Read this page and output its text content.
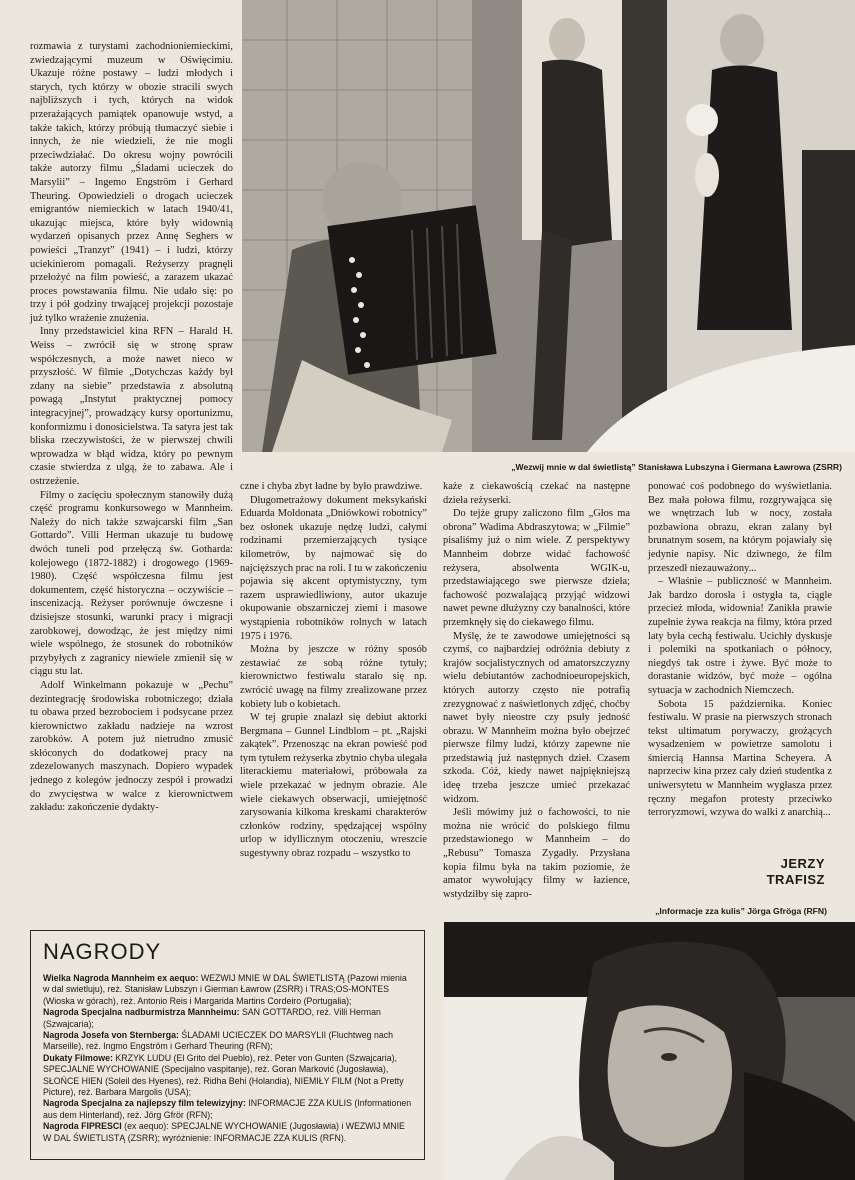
rozmawia z turystami zachodnioniemieckimi, zwiedzającymi muzeum w Oświęcimiu. Ukazuje różne postawy – ludzi młodych i starych, tych którzy w obozie stracili swych najbliższych i tych, których na widok przerażających pamiątek opanowuje wstyd, a także takich, którzy próbują tłumaczyć siebie i innych, że nie wiedzieli, że nie mogli przeciwdziałać. Do okresu wojny powrócili także autorzy filmu „Śladami ucieczek do Marsylii” – Ingemo Engström i Gerhard Theuring. Opowiedzieli o drogach ucieczek emigrantów niemieckich w latach 1940/41, ukazując miejsca, które były widownią wydarzeń opisanych przez Annę Seghers w powieści „Tranzyt” (1941) – i ludzi, którzy uciekinierom pomagali. Reżyserzy pragnęli przełożyć na film powieść, a zarazem ukazać proces powstawania filmu. Nie udało się: po trzy i pół godziny trwającej projekcji pozostaje już tylko wrażenie znużenia.

Inny przedstawiciel kina RFN – Harald H. Weiss – zwrócił się w stronę spraw współczesnych, a może nawet nieco w przyszłość. W filmie „Dotychczas każdy był zdany na siebie” przedstawia z absolutną powagą „Instytut praktycznej pomocy integracyjnej”, prowadzący kursy oportunizmu, konformizmu i donosicielstwa. Ta satyra jest tak bliska rzeczywistości, że w pierwszej chwili wprowadza w błąd widza, który po pewnym czasie stwierdza z ulgą, że to zabawa. Ale i ostrzeżenie.

Filmy o zacięciu społecznym stanowiły dużą część programu konkursowego w Mannheim. Należy do nich także szwajcarski film „San Gottardo”. Villi Herman ukazuje tu budowę dwóch tuneli pod przełęczą św. Gotharda: kolejowego (1872-1882) i drogowego (1969-1980). Część współczesna filmu jest dokumentem, część historyczna – oczywiście – inscenizacją. Reżyser porównuje ówczesne i dzisiejsze stosunki, warunki pracy i migracji zarobkowej, dowodząc, że jest między nimi wiele wspólnego, że stosunek do robotników przybyłych z zagranicy niewiele zmienił się w ciągu stu lat.

Adolf Winkelmann pokazuje w „Pechu” dezintegrację środowiska robotniczego; działa tu obawa przed bezrobociem i podsycane przez kierownictwo zakładu nadzieje na wzrost zarobków. A potem już nietrudno zmusić skłóconych do dodatkowej pracy na zdezelowanych maszynach. Dopiero wypadek jednego z kolegów jednoczy zespół i prowadzi do zwycięstwa w walce z kierownictwem zakładu: zakończenie dydakty-

„Wezwij mnie w dal świetlistą” Stanisława Lubszyna i Giermana Ławrowa (ZSRR)

czne i chyba zbyt ładne by było prawdziwe.

Długometrażowy dokument meksykański Eduarda Moldonata „Dniówkowi robotnicy” bez osłonek ukazuje nędzę ludzi, całymi rodzinami przemierzających tysiące kilometrów, by najmować się do najcięższych prac na roli. I tu w zakończeniu pojawia się akcent optymistyczny, tym razem usprawiedliwiony, autor ukazuje okupowanie obszarniczej ziemi i masowe wystąpienia robotników rolnych w latach 1975 i 1976.

Można by jeszcze w różny sposób zestawiać ze sobą różne tytuły; kierownictwo festiwalu starało się np. zwrócić uwagę na filmy zrealizowane przez kobiety lub o kobietach.

W tej grupie znalazł się debiut aktorki Bergmana – Gunnel Lindblom – pt. „Rajski zakątek”. Przenosząc na ekran powieść pod tym tytułem reżyserka zbytnio chyba ulegała literackiemu materiałowi, próbowała za wiele przekazać w jednym obrazie. Ale wiele ciekawych obserwacji, umiejętność zarysowania kilkoma kreskami charakterów członków rodziny, spędzającej wspólny urlop w idyllicznym otoczeniu, wreszcie sugestywny obraz rozpadu – wszystko to

każe z ciekawością czekać na następne dzieła reżyserki.

Do tejże grupy zaliczono film „Głos ma obrona” Wadima Abdraszytowa; w „Filmie” pisaliśmy już o nim wiele. Z perspektywy Mannheim dobrze widać fachowość reżysera, absolwenta WGIK-u, przedstawiającego swe pierwsze dzieła; fachowość pozwalającą przyjąć widzowi nawet pewne dłużyzny czy banalności, które przemknęły się do ciekawego filmu.

Myślę, że te zawodowe umiejętności są czymś, co najbardziej odróżnia debiuty z krajów socjalistycznych od amatorszczyzny wielu debiutantów zachodnioeuropejskich, których autorzy często nie potrafią zrezygnować z naświetlonych zdjęć, choćby nawet były nieostre czy psuły jedność obrazu. W Mannheim można było obejrzeć pierwsze filmy ludzi, którzy zapewne nie przedstawią już następnych dzieł. Czasem szkoda. Cóż, kiedy nawet najpiękniejszą ideę trzeba jeszcze umieć przekazać widzom.

Jeśli mówimy już o fachowości, to nie można nie wrócić do polskiego filmu przedstawionego w Mannheim – do „Rebusu” Tomasza Zygadły. Przysłana kopia filmu była na takim poziomie, że amator wywołujący filmy w łazience, wstydziłby się zapro-

ponować coś podobnego do wyświetlania. Bez mała połowa filmu, rozgrywająca się we wnętrzach lub w nocy, została pozbawiona obrazu, ekran zalany był brunatnym sosem, na którym pojawiały się jedynie napisy. Nic dziwnego, że film przeszedł niezauważony...

– Właśnie – publiczność w Mannheim. Jak bardzo dorosła i ostygła ta, ciągle przecież młoda, widownia! Zanikła prawie zupełnie żywa reakcja na filmy, która przed laty była cechą festiwalu. Ucichły dyskusje i polemiki na spotkaniach o północy, niegdyś tak ostre i żywe. Być może to dorastanie widzów, być może – ogólna sytuacja w zachodnich Niemczech.

Sobota 15 października. Koniec festiwalu. W prasie na pierwszych stronach tekst ultimatum porywaczy, grożących wysadzeniem w powietrze samolotu i śmiercią Hannsa Martina Scheyera. A naprzeciw kina przez cały dzień studentka z uniwersytetu w Mannheim wygłasza przez ręczny megafon protesty przeciwko terroryzmowi, wzywa do walki z anarchią...

JERZY
TRAFISZ
„Informacje zza kulis” Jörga Gfröga (RFN)
NAGRODY

Wielka Nagroda Mannheim ex aequo: WEZWIJ MNIE W DAL ŚWIETLISTĄ (Pazowi mienia w dal swietluju), reż. Stanisław Lubszyn i Gierman Ławrow (ZSRR) i TRAS;OS-MONTES (Wioska w górach), reż. Antonio Reis i Margarida Martins Cordeiro (Portugalia);

Nagroda Specjalna nadburmistrza Mannheimu: SAN GOTTARDO, reż. Villi Herman (Szwajcaria);

Nagroda Josefa von Sternberga: ŚLADAMI UCIECZEK DO MARSYLII (Fluchtweg nach Marseille), reż. Ingmo Engström i Gerhard Theuring (RFN);

Dukaty Filmowe: KRZYK LUDU (El Grito del Pueblo), reż. Peter von Gunten (Szwajcaria), SPECJALNE WYCHOWANIE (Specijalno vaspitanje), reż. Goran Marković (Jugosławia), SŁOŃCE HIEN (Soleil des Hyenes), reż. Ridha Behi (Holandia), NIEMIŁY FILM (Not a Pretty Picture), reż. Barbara Margolis (USA);

Nagroda Specjalna za najlepszy film telewizyjny: INFORMACJE ZZA KULIS (Informationen aus dem Hinterland), reż. Jörg Gfrör (RFN);

Nagroda FIPRESCI (ex aequo): SPECJALNE WYCHOWANIE (Jugosławia) i WEZWIJ MNIE W DAL ŚWIETLISTĄ (ZSRR); wyróżnienie: INFORMACJE ZZA KULIS (RFN).
